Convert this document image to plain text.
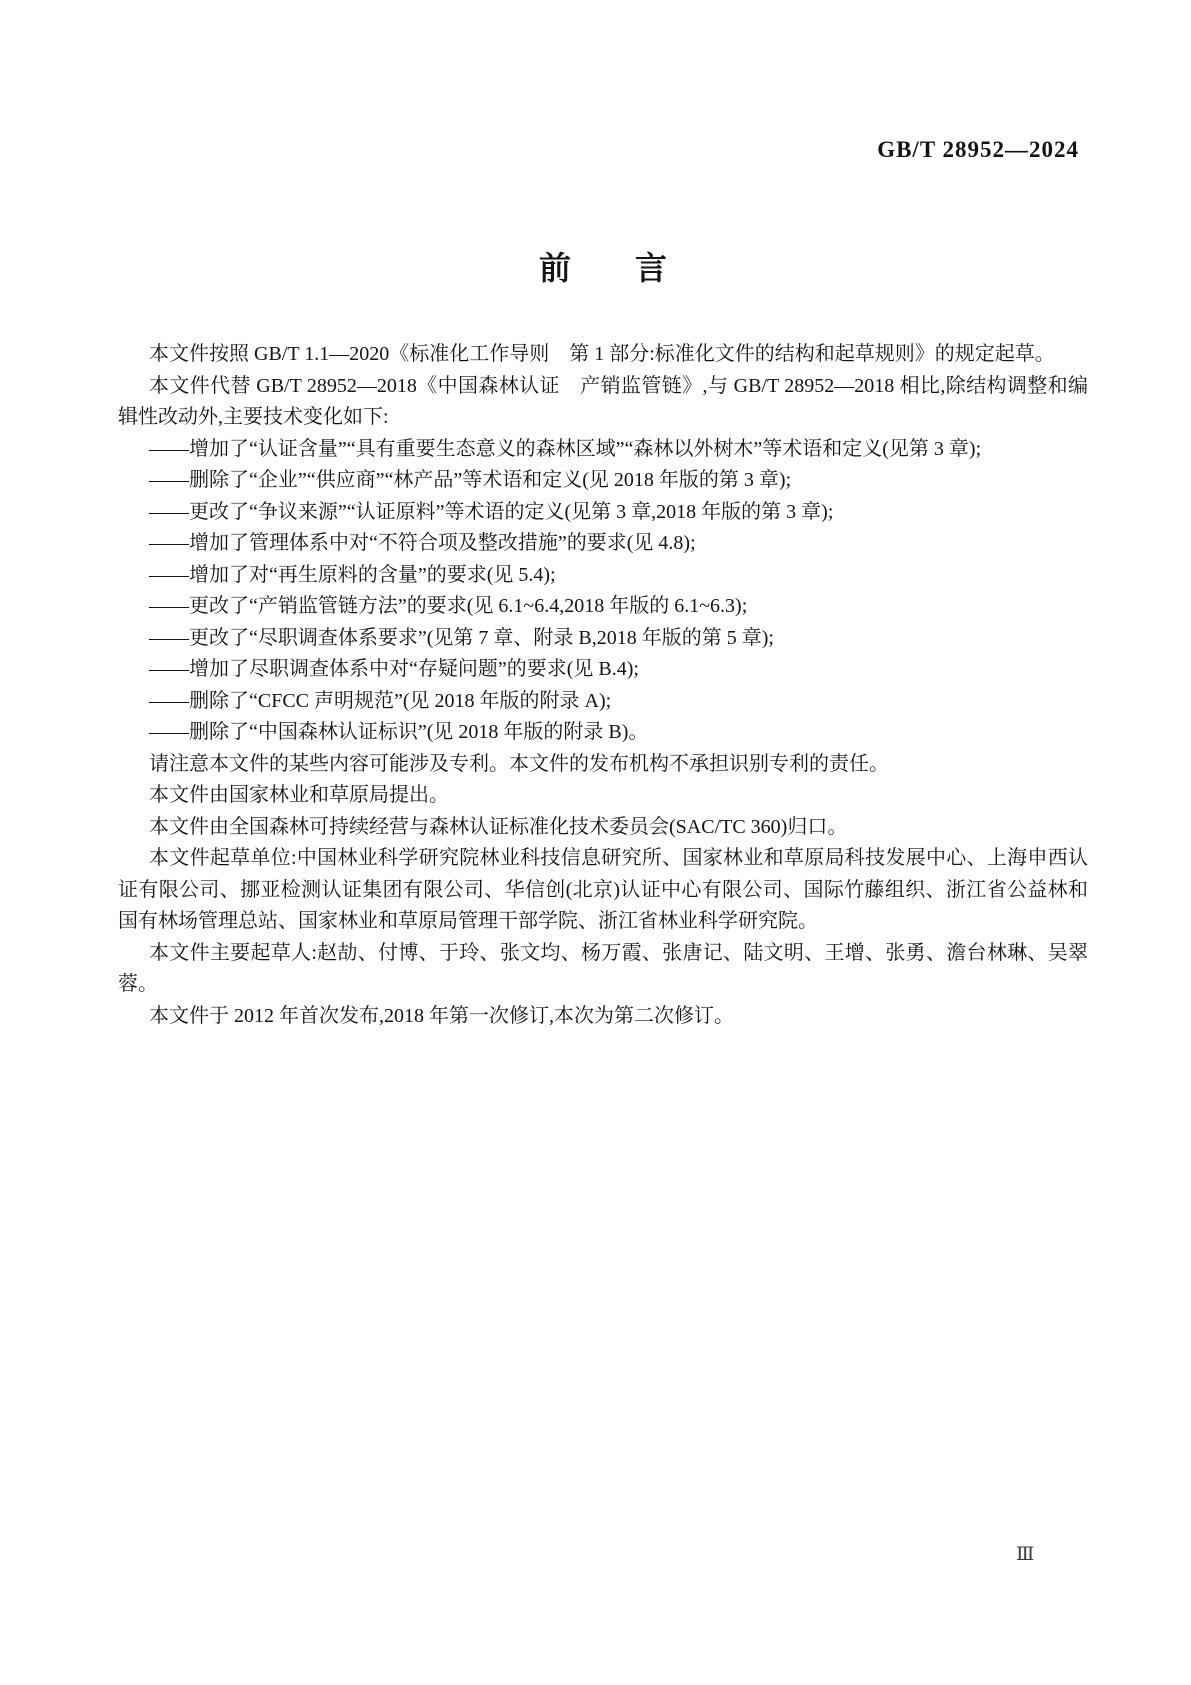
GB/T 28952—2024
前　　言

本文件按照 GB/T 1.1—2020《标准化工作导则　第 1 部分:标准化文件的结构和起草规则》的规定起草。

本文件代替 GB/T 28952—2018《中国森林认证　产销监管链》,与 GB/T 28952—2018 相比,除结构调整和编辑性改动外,主要技术变化如下:

——增加了“认证含量”“具有重要生态意义的森林区域”“森林以外树木”等术语和定义(见第 3 章);

——删除了“企业”“供应商”“林产品”等术语和定义(见 2018 年版的第 3 章);

——更改了“争议来源”“认证原料”等术语的定义(见第 3 章,2018 年版的第 3 章);

——增加了管理体系中对“不符合项及整改措施”的要求(见 4.8);

——增加了对“再生原料的含量”的要求(见 5.4);

——更改了“产销监管链方法”的要求(见 6.1~6.4,2018 年版的 6.1~6.3);

——更改了“尽职调查体系要求”(见第 7 章、附录 B,2018 年版的第 5 章);

——增加了尽职调查体系中对“存疑问题”的要求(见 B.4);

——删除了“CFCC 声明规范”(见 2018 年版的附录 A);

——删除了“中国森林认证标识”(见 2018 年版的附录 B)。

请注意本文件的某些内容可能涉及专利。本文件的发布机构不承担识别专利的责任。

本文件由国家林业和草原局提出。

本文件由全国森林可持续经营与森林认证标准化技术委员会(SAC/TC 360)归口。

本文件起草单位:中国林业科学研究院林业科技信息研究所、国家林业和草原局科技发展中心、上海申西认证有限公司、挪亚检测认证集团有限公司、华信创(北京)认证中心有限公司、国际竹藤组织、浙江省公益林和国有林场管理总站、国家林业和草原局管理干部学院、浙江省林业科学研究院。

本文件主要起草人:赵劼、付博、于玲、张文均、杨万霞、张唐记、陆文明、王增、张勇、澹台林琳、吴翠蓉。

本文件于 2012 年首次发布,2018 年第一次修订,本次为第二次修订。

Ⅲ
